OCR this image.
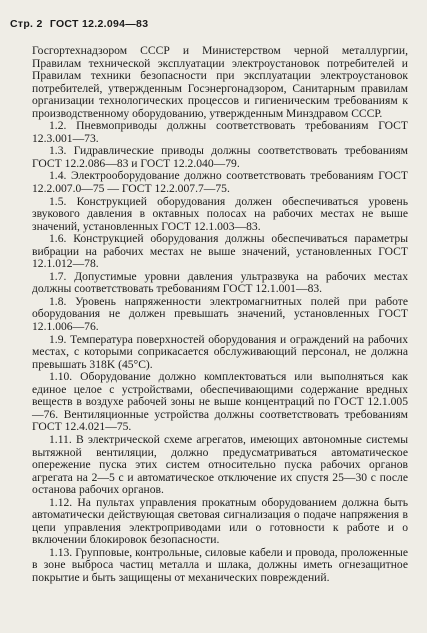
Стр. 2 ГОСТ 12.2.094—83

Госгортехнадзором СССР и Министерством черной металлургии, Правилам технической эксплуатации электроустановок потребителей и Правилам техники безопасности при эксплуатации электроустановок потребителей, утвержденным Госэнергонадзором, Санитарным правилам организации технологических процессов и гигиеническим требованиям к производственному оборудованию, утвержденным Минздравом СССР.

1.2. Пневмоприводы должны соответствовать требованиям ГОСТ 12.3.001—73.

1.3. Гидравлические приводы должны соответствовать требованиям ГОСТ 12.2.086—83 и ГОСТ 12.2.040—79.

1.4. Электрооборудование должно соответствовать требованиям ГОСТ 12.2.007.0—75 — ГОСТ 12.2.007.7—75.

1.5. Конструкцией оборудования должен обеспечиваться уровень звукового давления в октавных полосах на рабочих местах не выше значений, установленных ГОСТ 12.1.003—83.

1.6. Конструкцией оборудования должны обеспечиваться параметры вибрации на рабочих местах не выше значений, установленных ГОСТ 12.1.012—78.

1.7. Допустимые уровни давления ультразвука на рабочих местах должны соответствовать требованиям ГОСТ 12.1.001—83.

1.8. Уровень напряженности электромагнитных полей при работе оборудования не должен превышать значений, установленных ГОСТ 12.1.006—76.

1.9. Температура поверхностей оборудования и ограждений на рабочих местах, с которыми соприкасается обслуживающий персонал, не должна превышать 318K (45°C).

1.10. Оборудование должно комплектоваться или выполняться как единое целое с устройствами, обеспечивающими содержание вредных веществ в воздухе рабочей зоны не выше концентраций по ГОСТ 12.1.005—76. Вентиляционные устройства должны соответствовать требованиям ГОСТ 12.4.021—75.

1.11. В электрической схеме агрегатов, имеющих автономные системы вытяжной вентиляции, должно предусматриваться автоматическое опережение пуска этих систем относительно пуска рабочих органов агрегата на 2—5 с и автоматическое отключение их спустя 25—30 с после останова рабочих органов.

1.12. На пультах управления прокатным оборудованием должна быть автоматически действующая световая сигнализация о подаче напряжения в цепи управления электроприводами или о готовности к работе и о включении блокировок безопасности.

1.13. Групповые, контрольные, силовые кабели и провода, проложенные в зоне выброса частиц металла и шлака, должны иметь огнезащитное покрытие и быть защищены от механических повреждений.
